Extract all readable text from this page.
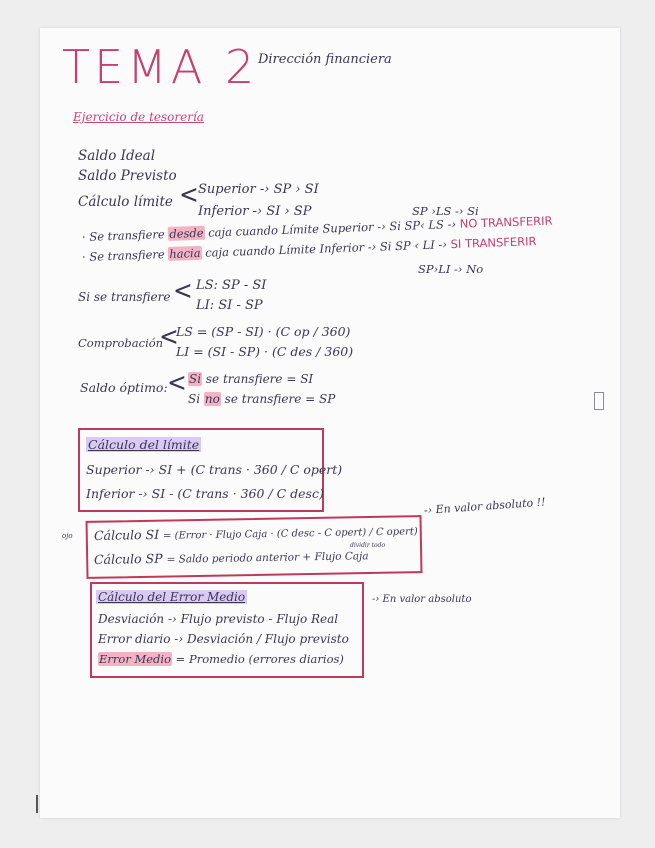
TEMA 2 Dirección financiera
Ejercicio de tesorería
Saldo Ideal
Saldo Previsto
Cálculo límite < Superior -› SP › SI
Inferior -› SI › SP	SP ›LS -› Si
· Se transfiere desde caja cuando Límite Superior -› Si SP‹ LS -› NO TRANSFERIR
· Se transfiere hacia caja cuando Límite Inferior -› Si SP ‹ LI -› SI TRANSFERIR
SP›LI -› No
Si se transfiere < LS: SP - SI
LI: SI - SP
Comprobación
<
LS = (SP - SI) · (C op / 360)
LI = (SI - SP) · (C des / 360)
Saldo óptimo: < Si se transfiere = SI
Si no se transfiere = SP
Cálculo del límite
Superior -› SI + (C trans · 360 / C opert)
Inferior -› SI - (C trans · 360 / C desc)
ojo Cálculo SI = (Error · Flujo Caja · (C desc - C opert) / C opert)
dividir todo
Cálculo SP = Saldo periodo anterior + Flujo Caja
-› En valor absoluto !!
Cálculo del Error Medio
Desviación -› Flujo previsto - Flujo Real
-› En valor absoluto
Error diario -› Desviación / Flujo previsto
Error Medio = Promedio (errores diarios)
